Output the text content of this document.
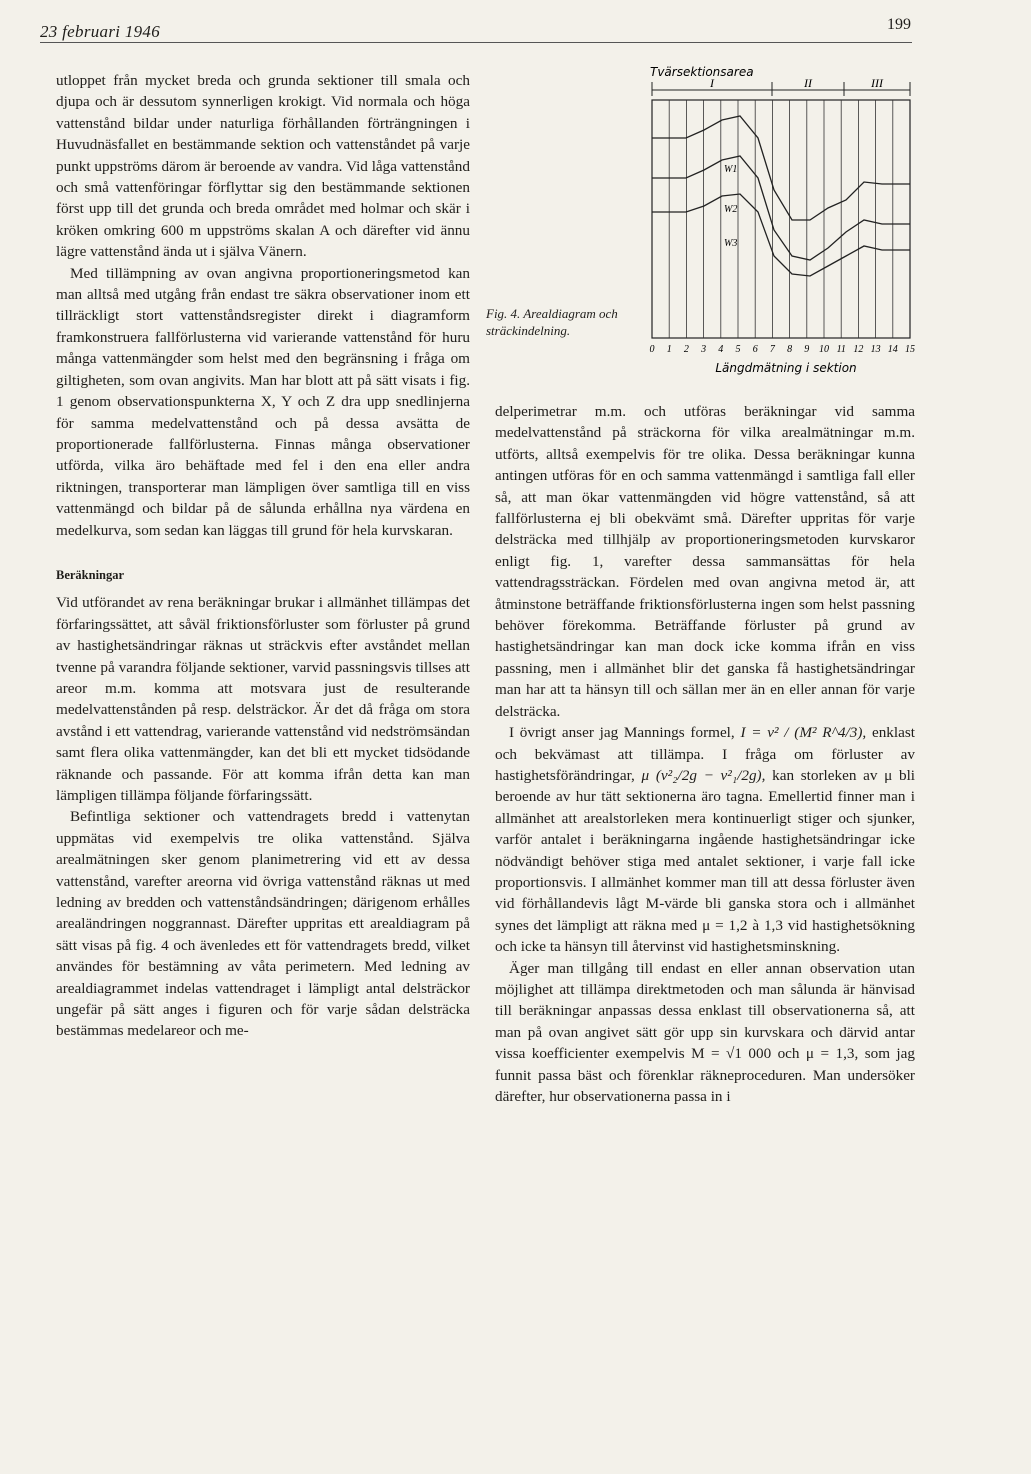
23 februari 1946	199

utloppet från mycket breda och grunda sektioner till smala och djupa och är dessutom synnerligen krokigt. Vid normala och höga vattenstånd bildar under naturliga förhållanden förträngningen i Huvudnäsfallet en bestämmande sektion och vattenståndet på varje punkt uppströms därom är beroende av vandra. Vid låga vattenstånd och små vattenföringar förflyttar sig den bestämmande sektionen först upp till det grunda och breda området med holmar och skär i kröken omkring 600 m uppströms skalan A och därefter vid ännu lägre vattenstånd ända ut i själva Vänern.

Med tillämpning av ovan angivna proportioneringsmetod kan man alltså med utgång från endast tre säkra observationer inom ett tillräckligt stort vattenståndsregister direkt i diagramform framkonstruera fallförlusterna vid varierande vattenstånd för huru många vattenmängder som helst med den begränsning i fråga om giltigheten, som ovan angivits. Man har blott att på sätt visats i fig. 1 genom observationspunkterna X, Y och Z dra upp snedlinjerna för samma medelvattenstånd och på dessa avsätta de proportionerade fallförlusterna. Finnas många observationer utförda, vilka äro behäftade med fel i den ena eller andra riktningen, transporterar man lämpligen över samtliga till en viss vattenmängd och bildar på de sålunda erhållna nya värdena en medelkurva, som sedan kan läggas till grund för hela kurvskaran.

Beräkningar

Vid utförandet av rena beräkningar brukar i allmänhet tillämpas det förfaringssättet, att såväl friktionsförluster som förluster på grund av hastighetsändringar räknas ut sträckvis efter avståndet mellan tvenne på varandra följande sektioner, varvid passningsvis tillses att areor m.m. komma att motsvara just de resulterande medelvattenstånden på resp. delsträckor. Är det då fråga om stora avstånd i ett vattendrag, varierande vattenstånd vid nedströmsändan samt flera olika vattenmängder, kan det bli ett mycket tidsödande räknande och passande. För att komma ifrån detta kan man lämpligen tillämpa följande förfaringssätt.

Befintliga sektioner och vattendragets bredd i vattenytan uppmätas vid exempelvis tre olika vattenstånd. Själva arealmätningen sker genom planimetrering vid ett av dessa vattenstånd, varefter areorna vid övriga vattenstånd räknas ut med ledning av bredden och vattenståndsändringen; därigenom erhålles arealändringen noggrannast. Därefter uppritas ett arealdiagram på sätt visas på fig. 4 och ävenledes ett för vattendragets bredd, vilket användes för bestämning av våta perimetern. Med ledning av arealdiagrammet indelas vattendraget i lämpligt antal delsträckor ungefär på sätt anges i figuren och för varje sådan delsträcka bestämmas medelareor och me-

Fig. 4. Arealdiagram och sträckindelning.
Tvärsektionsarea
I	II	III
W1
W2
W3
0 1 2 3 4 5 6 7 8 9 10 11 12 13 14 15
Längdmätning i sektion

delperimetrar m.m. och utföras beräkningar vid samma medelvattenstånd på sträckorna för vilka arealmätningar m.m. utförts, alltså exempelvis för tre olika. Dessa beräkningar kunna antingen utföras för en och samma vattenmängd i samtliga fall eller så, att man ökar vattenmängden vid högre vattenstånd, så att fallförlusterna ej bli obekvämt små. Därefter uppritas för varje delsträcka med tillhjälp av proportioneringsmetoden kurvskaror enligt fig. 1, varefter dessa sammansättas för hela vattendragssträckan. Fördelen med ovan angivna metod är, att åtminstone beträffande friktionsförlusterna ingen som helst passning behöver förekomma. Beträffande förluster på grund av hastighetsändringar kan man dock icke komma ifrån en viss passning, men i allmänhet blir det ganska få hastighetsändringar man har att ta hänsyn till och sällan mer än en eller annan för varje delsträcka.

I övrigt anser jag Mannings formel, I = v² / (M² R^4/3), enklast och bekvämast att tillämpa. I fråga om förluster av hastighetsförändringar, μ (v²₂/2g − v²₁/2g), kan storleken av μ bli beroende av hur tätt sektionerna äro tagna. Emellertid finner man i allmänhet att arealstorleken mera kontinuerligt stiger och sjunker, varför antalet i beräkningarna ingående hastighetsändringar icke nödvändigt behöver stiga med antalet sektioner, i varje fall icke proportionsvis. I allmänhet kommer man till att dessa förluster även vid förhållandevis lågt M-värde bli ganska stora och i allmänhet synes det lämpligt att räkna med μ = 1,2 à 1,3 vid hastighetsökning och icke ta hänsyn till återvinst vid hastighetsminskning.

Äger man tillgång till endast en eller annan observation utan möjlighet att tillämpa direktmetoden och man sålunda är hänvisad till beräkningar anpassas dessa enklast till observationerna så, att man på ovan angivet sätt gör upp sin kurvskara och därvid antar vissa koefficienter exempelvis M = √1 000 och μ = 1,3, som jag funnit passa bäst och förenklar räkneproceduren. Man undersöker därefter, hur observationerna passa in i
